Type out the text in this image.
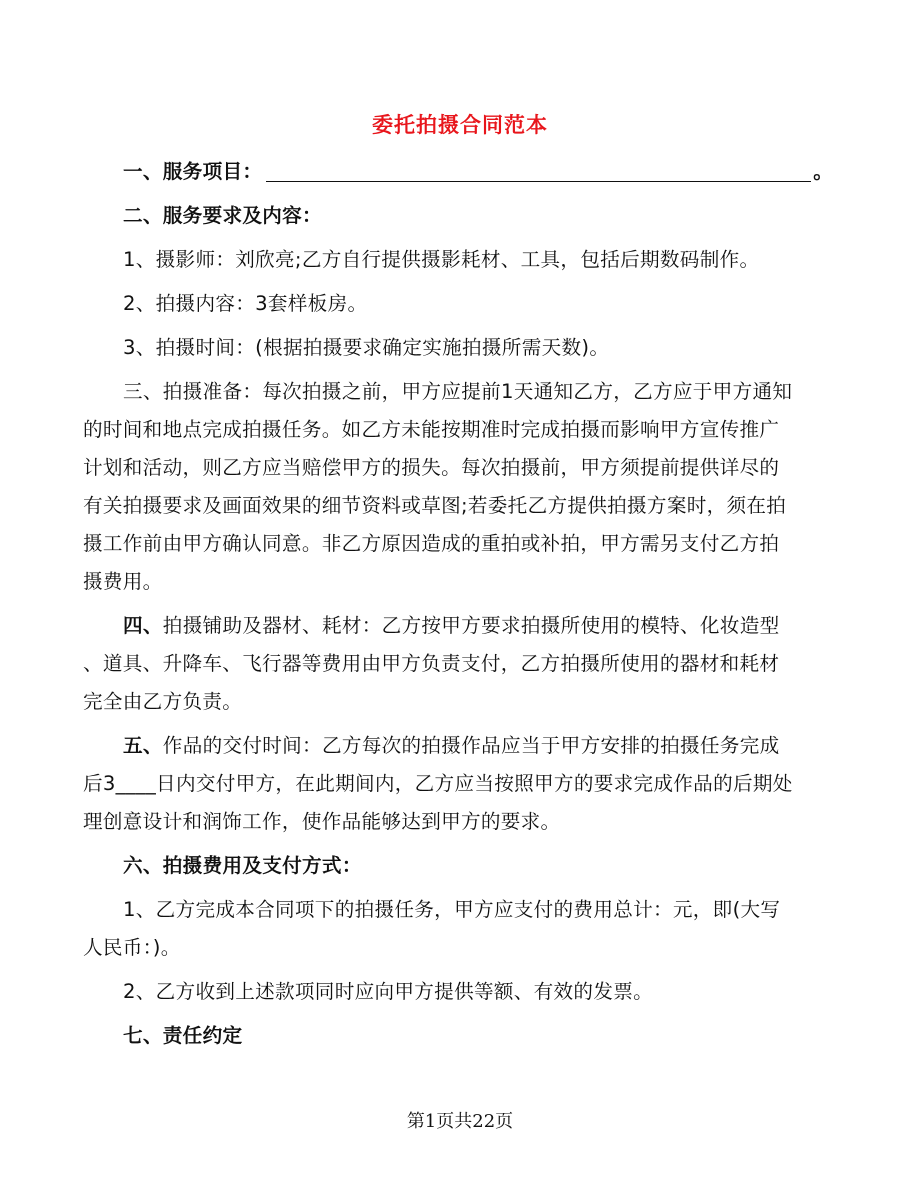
委托拍摄合同范本
一、服务项目：	。
二、服务要求及内容：
1、摄影师：刘欣亮;乙方自行提供摄影耗材、工具，包括后期数码制作。
2、拍摄内容：3套样板房。
3、拍摄时间：(根据拍摄要求确定实施拍摄所需天数)。
三、拍摄准备：每次拍摄之前，甲方应提前1天通知乙方，乙方应于甲方通知
的时间和地点完成拍摄任务。如乙方未能按期准时完成拍摄而影响甲方宣传推广
计划和活动，则乙方应当赔偿甲方的损失。每次拍摄前，甲方须提前提供详尽的
有关拍摄要求及画面效果的细节资料或草图;若委托乙方提供拍摄方案时，须在拍
摄工作前由甲方确认同意。非乙方原因造成的重拍或补拍，甲方需另支付乙方拍
摄费用。
四、拍摄铺助及器材、耗材：乙方按甲方要求拍摄所使用的模特、化妆造型
、道具、升降车、飞行器等费用由甲方负责支付，乙方拍摄所使用的器材和耗材
完全由乙方负责。
五、作品的交付时间：乙方每次的拍摄作品应当于甲方安排的拍摄任务完成
后3____日内交付甲方，在此期间内，乙方应当按照甲方的要求完成作品的后期处
理创意设计和润饰工作，使作品能够达到甲方的要求。
六、拍摄费用及支付方式：
1、乙方完成本合同项下的拍摄任务，甲方应支付的费用总计：元，即(大写
人民币：)。
2、乙方收到上述款项同时应向甲方提供等额、有效的发票。
七、责任约定
第1页共22页
